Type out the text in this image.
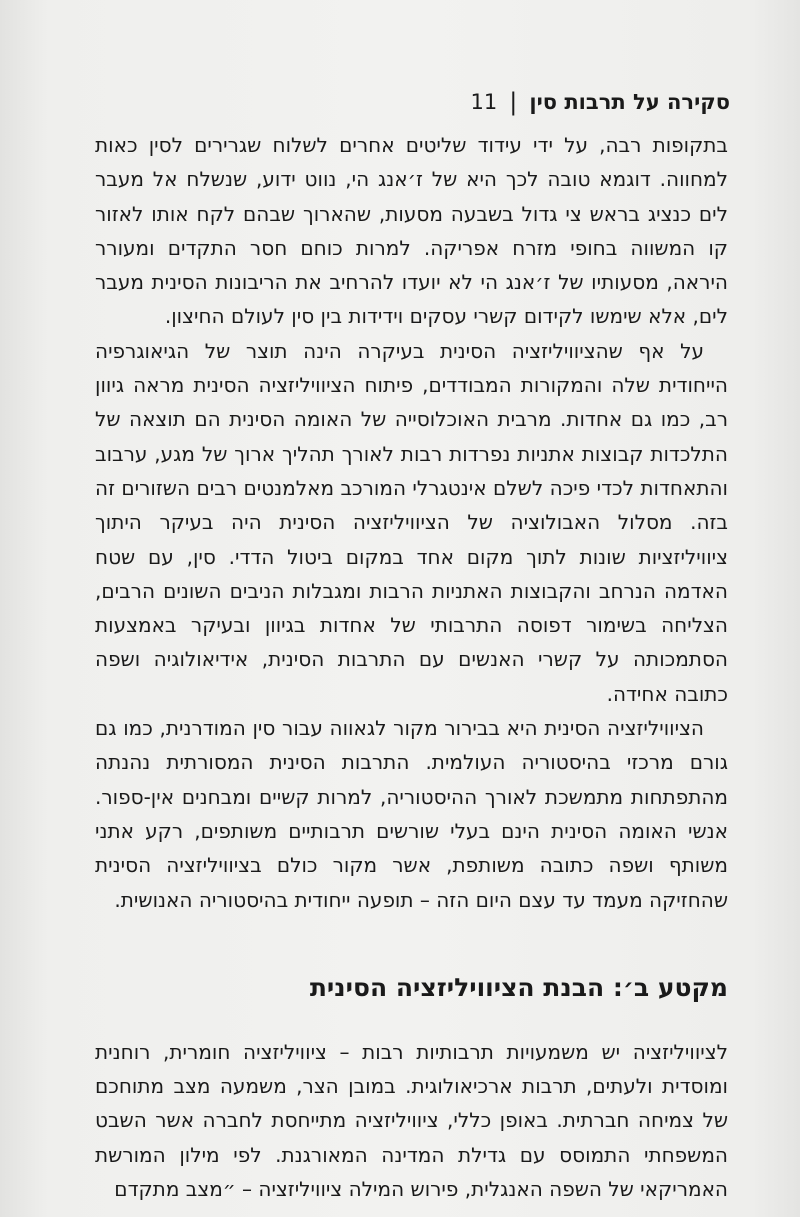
סקירה על תרבות סין
|
11

בתקופות רבה, על ידי עידוד שליטים אחרים לשלוח שגרירים לסין כאות למחווה. דוגמא טובה לכך היא של ז׳אנג הי, נווט ידוע, שנשלח אל מעבר לים כנציג בראש צי גדול בשבעה מסעות, שהארוך שבהם לקח אותו לאזור קו המשווה בחופי מזרח אפריקה. למרות כוחם חסר התקדים ומעורר היראה, מסעותיו של ז׳אנג הי לא יועדו להרחיב את הריבונות הסינית מעבר לים, אלא שימשו לקידום קשרי עסקים וידידות בין סין לעולם החיצון.

על אף שהציוויליזציה הסינית בעיקרה הינה תוצר של הגיאוגרפיה הייחודית שלה והמקורות המבודדים, פיתוח הציוויליזציה הסינית מראה גיוון רב, כמו גם אחדות. מרבית האוכלוסייה של האומה הסינית הם תוצאה של התלכדות קבוצות אתניות נפרדות רבות לאורך תהליך ארוך של מגע, ערבוב והתאחדות לכדי פיכה לשלם אינטגרלי המורכב מאלמנטים רבים השזורים זה בזה. מסלול האבולוציה של הציוויליזציה הסינית היה בעיקר היתוך ציוויליזציות שונות לתוך מקום אחד במקום ביטול הדדי. סין, עם שטח האדמה הנרחב והקבוצות האתניות הרבות ומגבלות הניבים השונים הרבים, הצליחה בשימור דפוסה התרבותי של אחדות בגיוון ובעיקר באמצעות הסתמכותה על קשרי האנשים עם התרבות הסינית, אידיאולוגיה ושפה כתובה אחידה.

הציוויליזציה הסינית היא בבירור מקור לגאווה עבור סין המודרנית, כמו גם גורם מרכזי בהיסטוריה העולמית. התרבות הסינית המסורתית נהנתה מהתפתחות מתמשכת לאורך ההיסטוריה, למרות קשיים ומבחנים אין-ספור. אנשי האומה הסינית הינם בעלי שורשים תרבותיים משותפים, רקע אתני משותף ושפה כתובה משותפת, אשר מקור כולם בציוויליזציה הסינית שהחזיקה מעמד עד עצם היום הזה – תופעה ייחודית בהיסטוריה האנושית.

מקטע ב׳: הבנת הציוויליזציה הסינית

לציוויליזציה יש משמעויות תרבותיות רבות – ציוויליזציה חומרית, רוחנית ומוסדית ולעתים, תרבות ארכיאולוגית. במובן הצר, משמעה מצב מתוחכם של צמיחה חברתית. באופן כללי, ציוויליזציה מתייחסת לחברה אשר השבט המשפחתי התמוסס עם גדילת המדינה המאורגנת. לפי מילון המורשת האמריקאי של השפה האנגלית, פירוש המילה ציוויליזציה – ״מצב מתקדם
